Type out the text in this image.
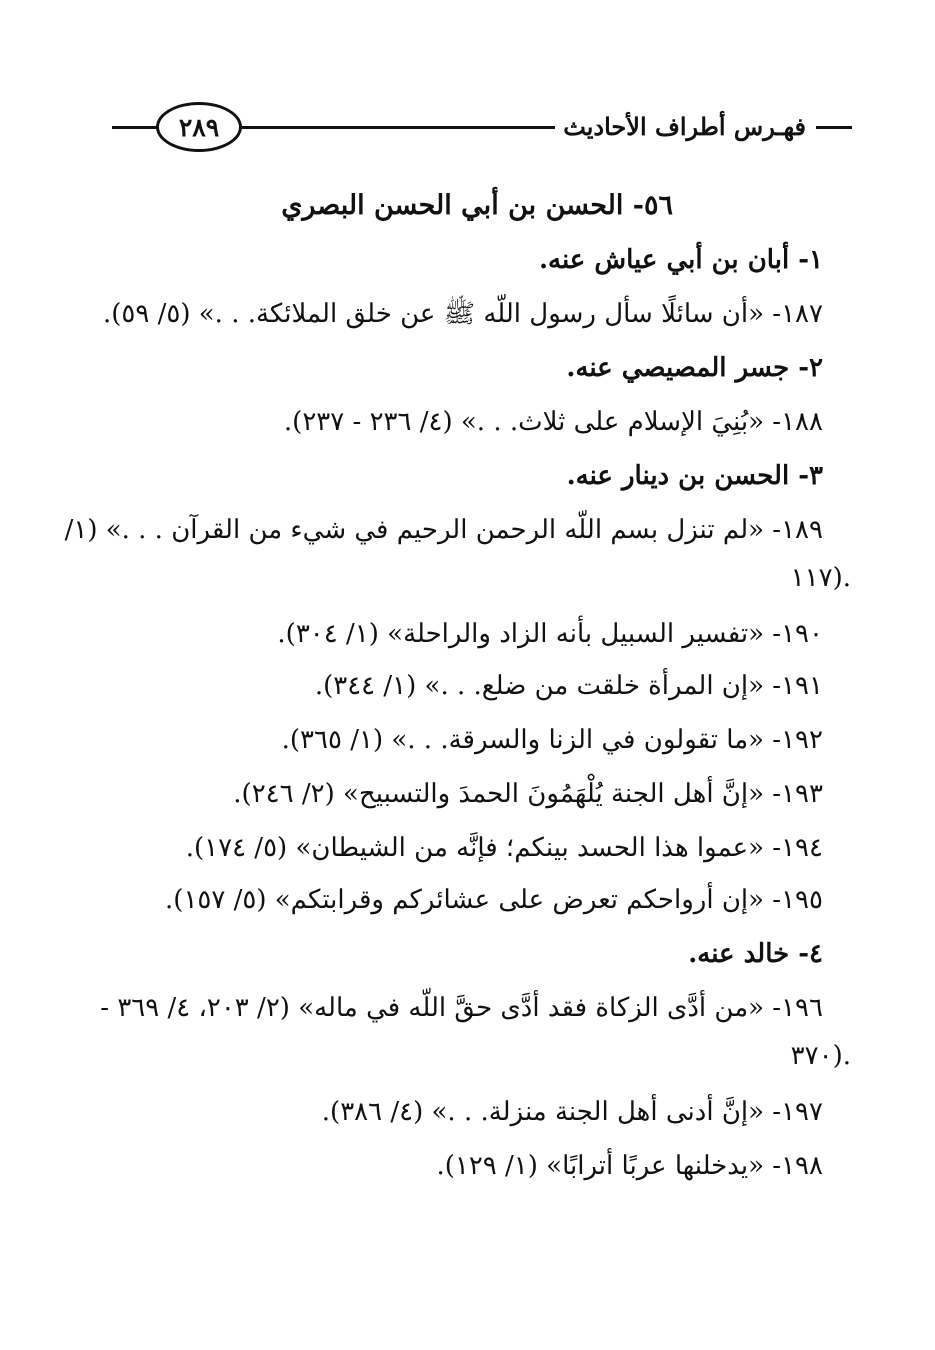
٢٨٩	فهـرس أطراف الأحاديث
٥٦- الحسن بن أبي الحسن البصري
١- أبان بن أبي عياش عنه.
١٨٧- «أن سائلًا سأل رسول اللّه ﷺ عن خلق الملائكة. . .» (٥/ ٥٩).
٢- جسر المصيصي عنه.
١٨٨- «بُنِيَ الإسلام على ثلاث. . .» (٤/ ٢٣٦ - ٢٣٧).
٣- الحسن بن دينار عنه.
١٨٩- «لم تنزل بسم اللّه الرحمن الرحيم في شيء من القرآن . . .» (١/
١١٧).
١٩٠- «تفسير السبيل بأنه الزاد والراحلة» (١/ ٣٠٤).
١٩١- «إن المرأة خلقت من ضلع. . .» (١/ ٣٤٤).
١٩٢- «ما تقولون في الزنا والسرقة. . .» (١/ ٣٦٥).
١٩٣- «إنَّ أهل الجنة يُلْهَمُونَ الحمدَ والتسبيح» (٢/ ٢٤٦).
١٩٤- «عموا هذا الحسد بينكم؛ فإنَّه من الشيطان» (٥/ ١٧٤).
١٩٥- «إن أرواحكم تعرض على عشائركم وقرابتكم» (٥/ ١٥٧).
٤- خالد عنه.
١٩٦- «من أدَّى الزكاة فقد أدَّى حقَّ اللّه في ماله» (٢/ ٢٠٣، ٤/ ٣٦٩ -
٣٧٠).
١٩٧- «إنَّ أدنى أهل الجنة منزلة. . .» (٤/ ٣٨٦).
١٩٨- «يدخلنها عربًا أترابًا» (١/ ١٢٩).
